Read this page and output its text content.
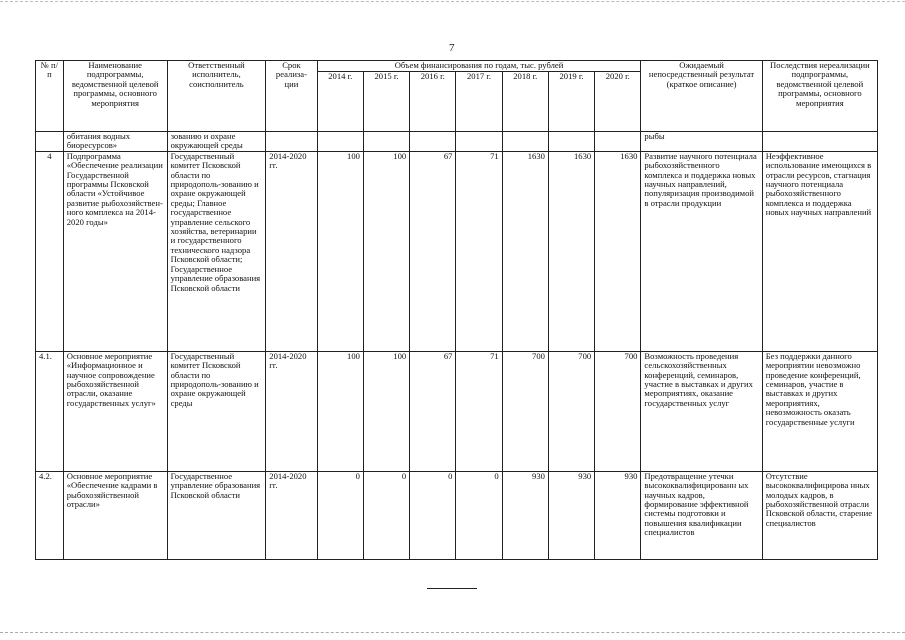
7
№ п/п	Наименование подпрограммы, ведомственной целевой программы, основного мероприятия	Ответственный исполнитель, соисполнитель	Срок реализа-ции	Объем финансирования по годам, тыс. рублей							Ожидаемый непосредственный результат (краткое описание)	Последствия нереализации подпрограммы, ведомственной целевой программы, основного мероприятия
				2014 г.	2015 г.	2016 г.	2017 г.	2018 г.	2019 г.	2020 г.		
	обитания водных биоресурсов»	зованию и охране окружающей среды									рыбы	
4	Подпрограмма «Обеспечение реализации Государственной программы Псковской области «Устойчивое развитие рыбохозяйствен-ного комплекса на 2014-2020 годы»	Государственный комитет Псковской области по природополь-зованию и охране окружающей среды; Главное государственное управление сельского хозяйства, ветеринарии и государственного технического надзора Псковской области; Государственное управление образования Псковской области	2014-2020 гг.	100	100	67	71	1630	1630	1630	Развитие научного потенциала рыбохозяйственного комплекса и поддержка новых научных направлений, популяризация производимой в отрасли продукции	Неэффективное использование имеющихся в отрасли ресурсов, стагнация научного потенциала рыбохозяйственного комплекса и поддержка новых научных направлений
4.1.	Основное мероприятие «Информационное и научное сопровождение рыбохозяйственной отрасли, оказание государственных услуг»	Государственный комитет Псковской области по природополь-зованию и охране окружающей среды	2014-2020 гг.	100	100	67	71	700	700	700	Возможность проведения сельскохозяйственных конференций, семинаров, участие в выставках и других мероприятиях, оказание государственных услуг	Без поддержки данного мероприятии невозможно проведение конференций, семинаров, участие в выставках и других мероприятиях, невозможность оказать государственные услуги
4.2.	Основное мероприятие «Обеспечение кадрами в рыбохозяйственной отрасли»	Государственное управление образования Псковской области	2014-2020 гг.	0	0	0	0	930	930	930	Предотвращение утечки высококвалифицированн ых научных кадров, формирование эффективной системы подготовки и повышения квалификации специалистов	Отсутствие высококвалифицирова нных молодых кадров, в рыбохозяйственной отрасли Псковской области, старение специалистов
